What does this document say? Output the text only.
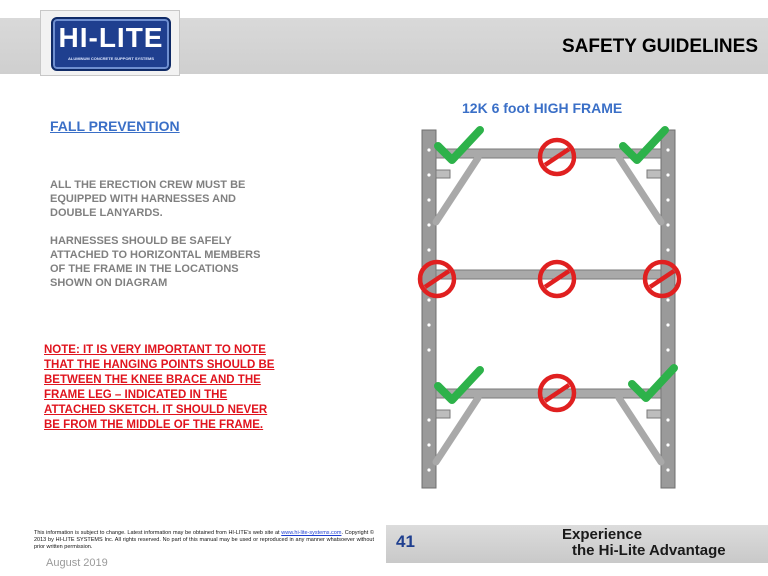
HI-LITE
ALUMINUM CONCRETE SUPPORT SYSTEMS
SAFETY GUIDELINES
FALL PREVENTION
ALL THE ERECTION CREW MUST BE
EQUIPPED WITH HARNESSES AND
DOUBLE LANYARDS.
HARNESSES SHOULD BE SAFELY
ATTACHED TO HORIZONTAL MEMBERS
OF THE FRAME IN THE LOCATIONS
SHOWN ON DIAGRAM
NOTE: IT IS VERY IMPORTANT TO NOTE
THAT THE HANGING POINTS SHOULD BE
BETWEEN THE KNEE BRACE AND THE
FRAME LEG – INDICATED IN THE
ATTACHED SKETCH. IT SHOULD NEVER
BE FROM THE MIDDLE OF THE FRAME.
12K 6 foot HIGH FRAME
This information is subject to change. Latest information may be obtained from HI-LITE's web site at www.hi-lite-systems.com. Copyright © 2013 by HI-LITE SYSTEMS Inc. All rights reserved. No part of this manual may be used or reproduced in any manner whatsoever without prior written permission.	41	Experience
the Hi-Lite Advantage
August 2019
